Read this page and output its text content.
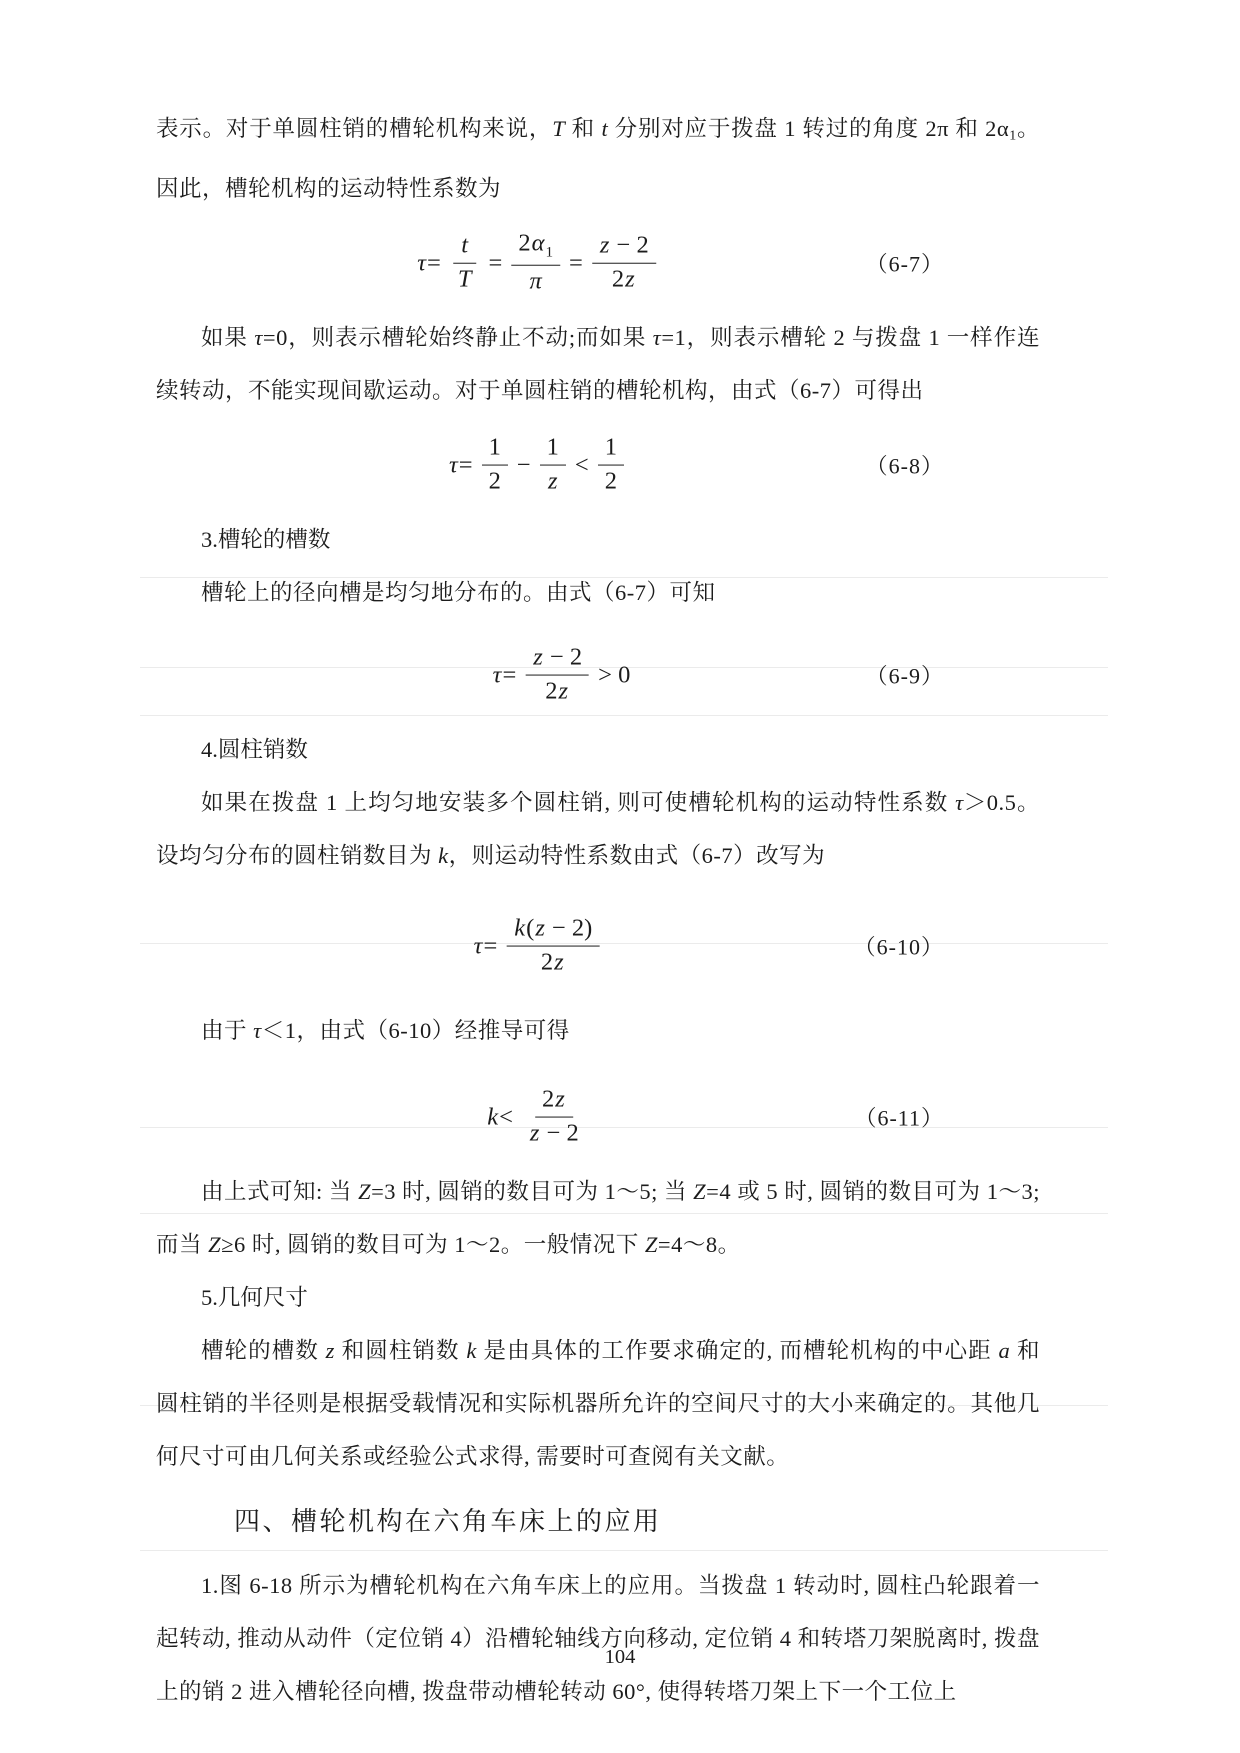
表示。对于单圆柱销的槽轮机构来说，T 和 t 分别对应于拨盘 1 转过的角度 2π 和 2α1。因此，槽轮机构的运动特性系数为

$\tau = \frac{t}{T} = \frac{2\alpha_1}{\pi} = \frac{z - 2}{2z}$	（6-7）

如果 τ=0，则表示槽轮始终静止不动;而如果 τ=1，则表示槽轮 2 与拨盘 1 一样作连续转动，不能实现间歇运动。对于单圆柱销的槽轮机构，由式（6-7）可得出

$\tau = \frac{1}{2} - \frac{1}{z} < \frac{1}{2}$	（6-8）

3.槽轮的槽数

槽轮上的径向槽是均匀地分布的。由式（6-7）可知

$\tau = \frac{z - 2}{2z} > 0$	（6-9）

4.圆柱销数

如果在拨盘 1 上均匀地安装多个圆柱销, 则可使槽轮机构的运动特性系数 τ＞0.5。设均匀分布的圆柱销数目为 k，则运动特性系数由式（6-7）改写为

$\tau = \frac{k(z - 2)}{2z}$	（6-10）

由于 τ＜1，由式（6-10）经推导可得

$k < \frac{2z}{z - 2}$	（6-11）

由上式可知: 当 Z=3 时, 圆销的数目可为 1～5; 当 Z=4 或 5 时, 圆销的数目可为 1～3; 而当 Z≥6 时, 圆销的数目可为 1～2。一般情况下 Z=4～8。

5.几何尺寸

槽轮的槽数 z 和圆柱销数 k 是由具体的工作要求确定的, 而槽轮机构的中心距 a 和圆柱销的半径则是根据受载情况和实际机器所允许的空间尺寸的大小来确定的。其他几何尺寸可由几何关系或经验公式求得, 需要时可查阅有关文献。

四、槽轮机构在六角车床上的应用

1.图 6-18 所示为槽轮机构在六角车床上的应用。当拨盘 1 转动时, 圆柱凸轮跟着一起转动, 推动从动件（定位销 4）沿槽轮轴线方向移动, 定位销 4 和转塔刀架脱离时, 拨盘上的销 2 进入槽轮径向槽, 拨盘带动槽轮转动 60°, 使得转塔刀架上下一个工位上

104
